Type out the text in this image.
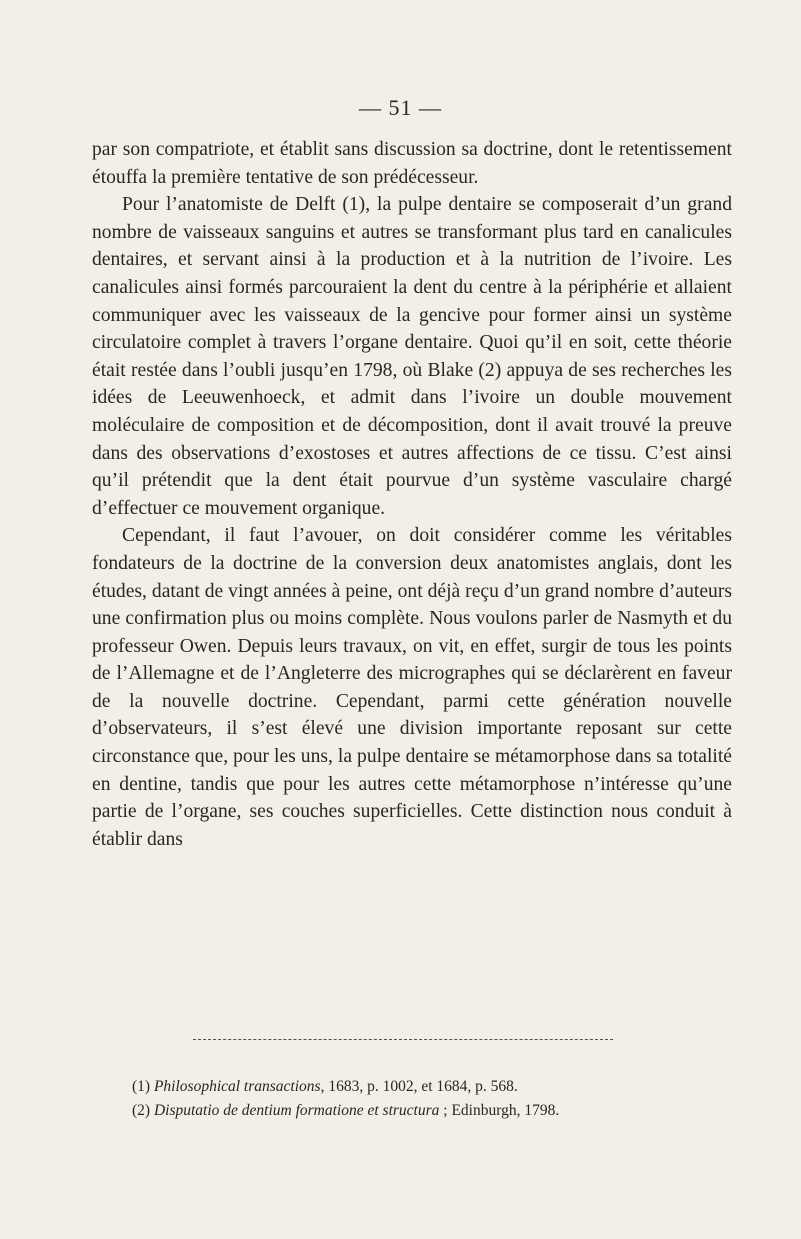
— 51 —

par son compatriote, et établit sans discussion sa doctrine, dont le retentissement étouffa la première tentative de son prédécesseur.

Pour l’anatomiste de Delft (1), la pulpe dentaire se composerait d’un grand nombre de vaisseaux sanguins et autres se transformant plus tard en canalicules dentaires, et servant ainsi à la production et à la nutrition de l’ivoire. Les canalicules ainsi formés parcouraient la dent du centre à la périphérie et allaient communiquer avec les vaisseaux de la gencive pour former ainsi un système circulatoire complet à travers l’organe dentaire. Quoi qu’il en soit, cette théorie était restée dans l’oubli jusqu’en 1798, où Blake (2) appuya de ses recherches les idées de Leeuwenhoeck, et admit dans l’ivoire un double mouvement moléculaire de composition et de décomposition, dont il avait trouvé la preuve dans des observations d’exostoses et autres affections de ce tissu. C’est ainsi qu’il prétendit que la dent était pourvue d’un système vasculaire chargé d’effectuer ce mouvement organique.

Cependant, il faut l’avouer, on doit considérer comme les véritables fondateurs de la doctrine de la conversion deux anatomistes anglais, dont les études, datant de vingt années à peine, ont déjà reçu d’un grand nombre d’auteurs une confirmation plus ou moins complète. Nous voulons parler de Nasmyth et du professeur Owen. Depuis leurs travaux, on vit, en effet, surgir de tous les points de l’Allemagne et de l’Angleterre des micrographes qui se déclarèrent en faveur de la nouvelle doctrine. Cependant, parmi cette génération nouvelle d’observateurs, il s’est élevé une division importante reposant sur cette circonstance que, pour les uns, la pulpe dentaire se métamorphose dans sa totalité en dentine, tandis que pour les autres cette métamorphose n’intéresse qu’une partie de l’organe, ses couches superficielles. Cette distinction nous conduit à établir dans

(1) Philosophical transactions, 1683, p. 1002, et 1684, p. 568.
(2) Disputatio de dentium formatione et structura ; Edinburgh, 1798.
